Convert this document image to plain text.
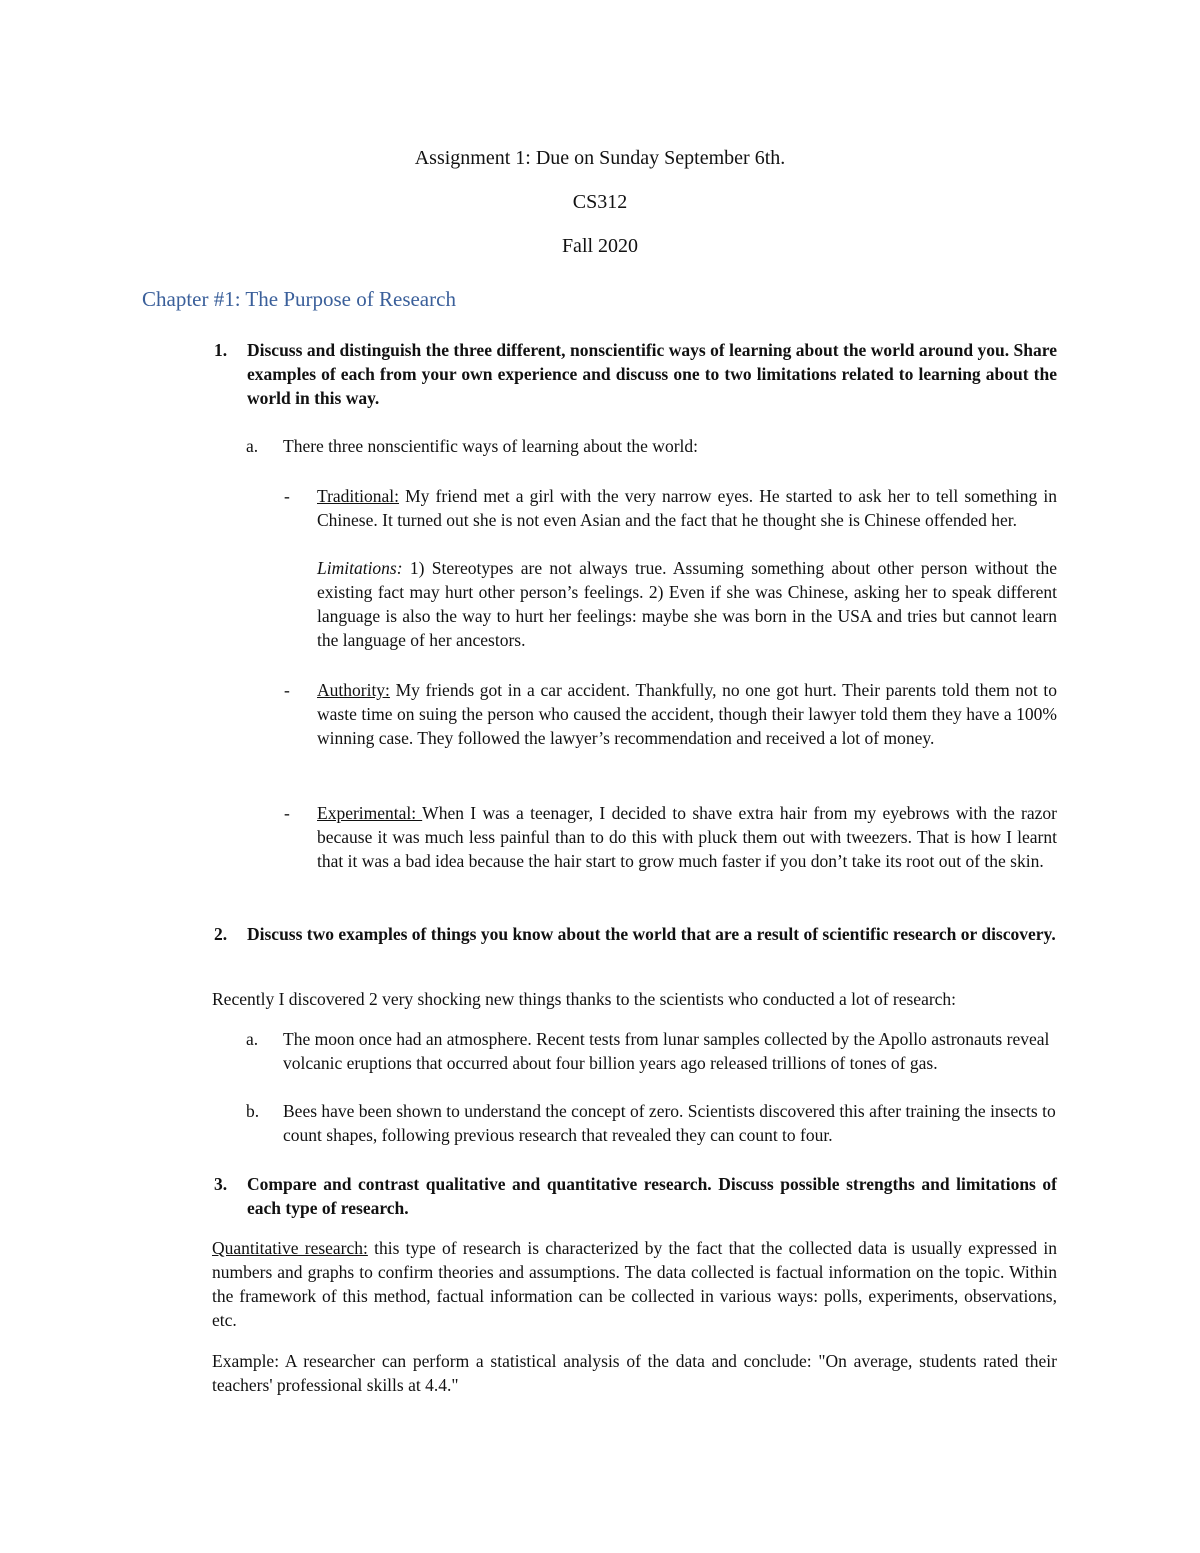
Assignment 1: Due on Sunday September 6th.
CS312
Fall 2020
Chapter #1: The Purpose of Research
1. Discuss and distinguish the three different, nonscientific ways of learning about the world around you. Share examples of each from your own experience and discuss one to two limitations related to learning about the world in this way.
a. There three nonscientific ways of learning about the world:
- Traditional: My friend met a girl with the very narrow eyes. He started to ask her to tell something in Chinese. It turned out she is not even Asian and the fact that he thought she is Chinese offended her.
Limitations: 1) Stereotypes are not always true. Assuming something about other person without the existing fact may hurt other person’s feelings. 2) Even if she was Chinese, asking her to speak different language is also the way to hurt her feelings: maybe she was born in the USA and tries but cannot learn the language of her ancestors.
- Authority: My friends got in a car accident. Thankfully, no one got hurt. Their parents told them not to waste time on suing the person who caused the accident, though their lawyer told them they have a 100% winning case. They followed the lawyer’s recommendation and received a lot of money.
- Experimental: When I was a teenager, I decided to shave extra hair from my eyebrows with the razor because it was much less painful than to do this with pluck them out with tweezers. That is how I learnt that it was a bad idea because the hair start to grow much faster if you don’t take its root out of the skin.
2. Discuss two examples of things you know about the world that are a result of scientific research or discovery.
Recently I discovered 2 very shocking new things thanks to the scientists who conducted a lot of research:
a. The moon once had an atmosphere. Recent tests from lunar samples collected by the Apollo astronauts reveal volcanic eruptions that occurred about four billion years ago released trillions of tones of gas.
b. Bees have been shown to understand the concept of zero. Scientists discovered this after training the insects to count shapes, following previous research that revealed they can count to four.
3. Compare and contrast qualitative and quantitative research. Discuss possible strengths and limitations of each type of research.
Quantitative research: this type of research is characterized by the fact that the collected data is usually expressed in numbers and graphs to confirm theories and assumptions. The data collected is factual information on the topic. Within the framework of this method, factual information can be collected in various ways: polls, experiments, observations, etc.
Example: A researcher can perform a statistical analysis of the data and conclude: "On average, students rated their teachers' professional skills at 4.4."
